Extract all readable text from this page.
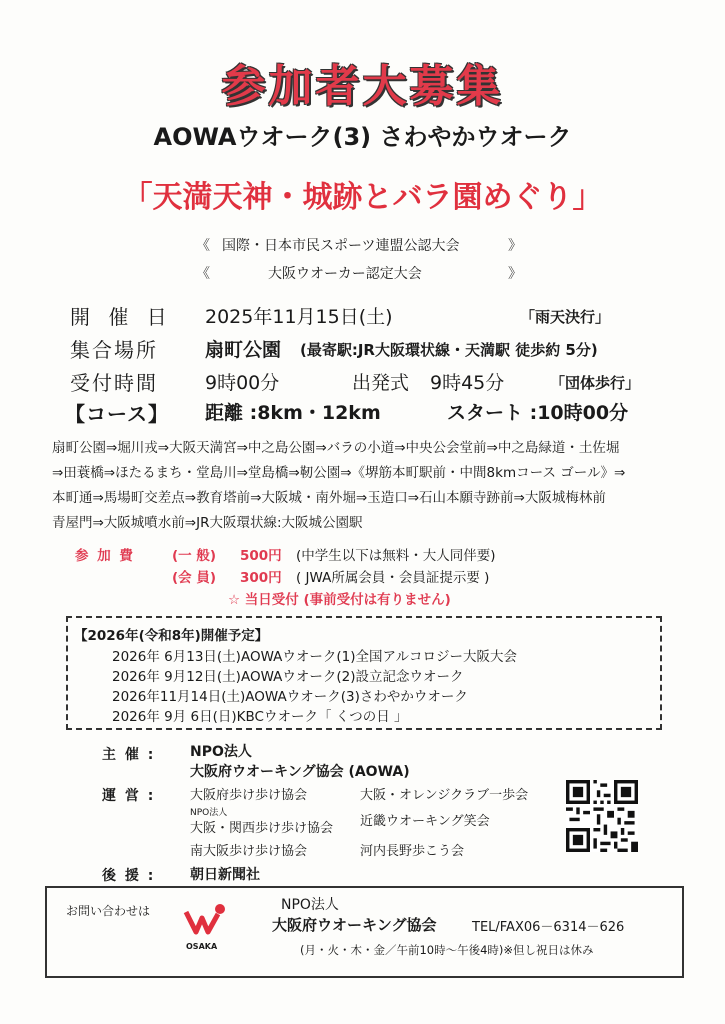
参加者大募集
AOWAウオーク(3) さわやかウオーク
「天満天神・城跡とバラ園めぐり」
《 国際・日本市民スポーツ連盟公認大会	》
《	大阪ウオーカー認定大会	》
開 催 日 2025年11月15日(土)	「雨天決行」
集合場所 扇町公園 (最寄駅:JR大阪環状線・天満駅 徒歩約 5分)
受付時間 9時00分	出発式 9時45分	「団体歩行」
【コース】 距離 :8km・12km	スタート :10時00分
扇町公園⇒堀川戎⇒大阪天満宮⇒中之島公園⇒バラの小道⇒中央公会堂前⇒中之島緑道・土佐堀
⇒田蓑橋⇒ほたるまち・堂島川⇒堂島橋⇒靭公園⇒《堺筋本町駅前・中間8kmコース ゴール》⇒
本町通⇒馬場町交差点⇒教育塔前⇒大阪城・南外堀⇒玉造口⇒石山本願寺跡前⇒大阪城梅林前
青屋門⇒大阪城噴水前⇒JR大阪環状線:大阪城公園駅
参 加 費	(一 般) 500円 (中学生以下は無料・大人同伴要)
(会 員) 300円 ( JWA所属会員・会員証提示要 )
☆ 当日受付 (事前受付は有りません)
【2026年(令和8年)開催予定】
2026年 6月13日(土)AOWAウオーク(1)全国アルコロジー大阪大会
2026年 9月12日(土)AOWAウオーク(2)設立記念ウオーク
2026年11月14日(土)AOWAウオーク(3)さわやかウオーク
2026年 9月 6日(日)KBCウオーク「 くつの日 」
主 催 : NPO法人
大阪府ウオーキング協会 (AOWA)
運 営 :	大阪府歩け歩け協会	大阪・オレンジクラブ一歩会
NPO法人
大阪・関西歩け歩け協会 近畿ウオーキング笑会
南大阪歩け歩け協会	河内長野歩こう会
後 援 : 朝日新聞社
お問い合わせは
OSAKA
NPO法人
大阪府ウオーキング協会	TEL/FAX06－6314－626
(月・火・木・金／午前10時～午後4時)※但し祝日は休み
